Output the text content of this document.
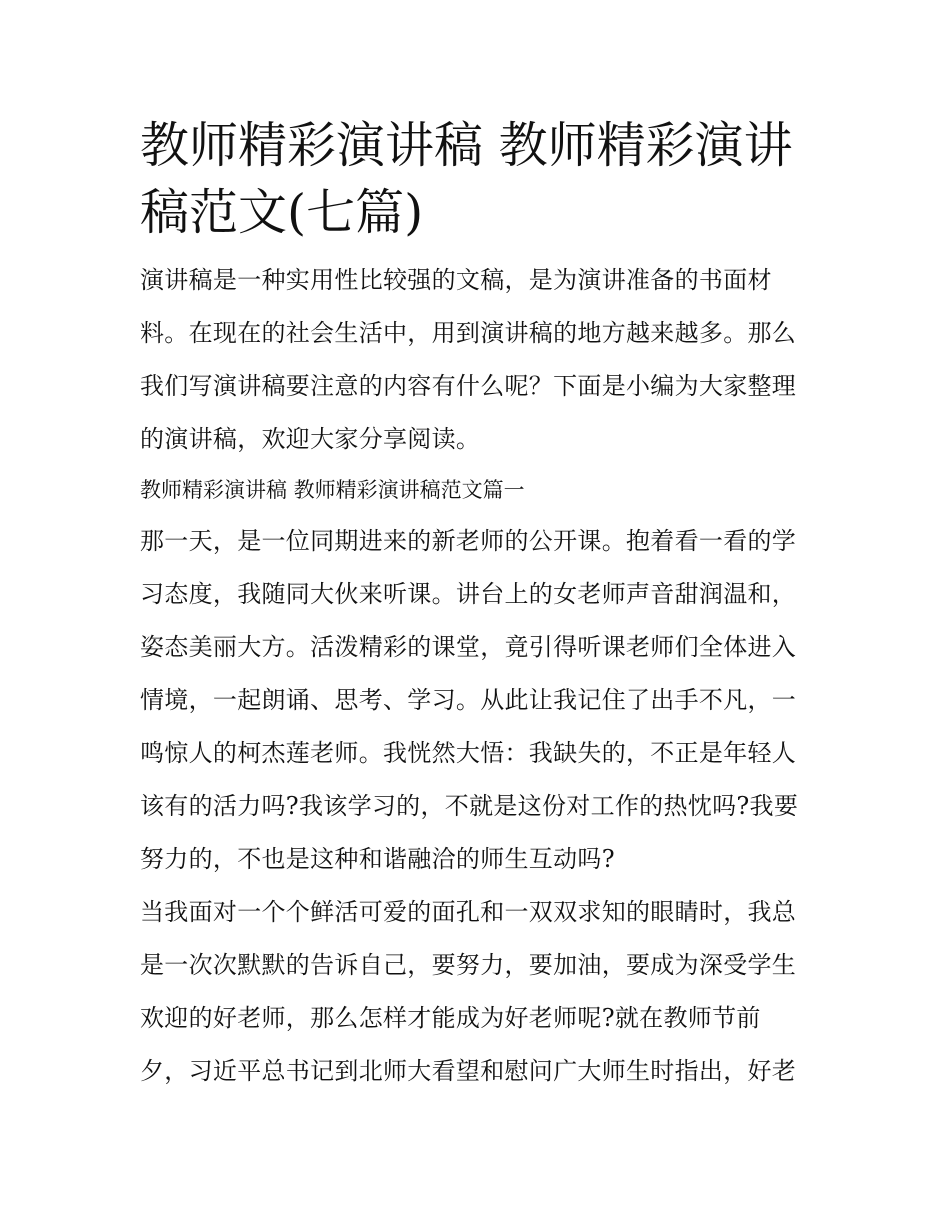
教师精彩演讲稿 教师精彩演讲
稿范文(七篇)
演讲稿是一种实用性比较强的文稿，是为演讲准备的书面材
料。在现在的社会生活中，用到演讲稿的地方越来越多。那么
我们写演讲稿要注意的内容有什么呢？下面是小编为大家整理
的演讲稿，欢迎大家分享阅读。
教师精彩演讲稿 教师精彩演讲稿范文篇一
那一天，是一位同期进来的新老师的公开课。抱着看一看的学
习态度，我随同大伙来听课。讲台上的女老师声音甜润温和，
姿态美丽大方。活泼精彩的课堂，竟引得听课老师们全体进入
情境，一起朗诵、思考、学习。从此让我记住了出手不凡，一
鸣惊人的柯杰莲老师。我恍然大悟：我缺失的，不正是年轻人
该有的活力吗?我该学习的，不就是这份对工作的热忱吗?我要
努力的，不也是这种和谐融洽的师生互动吗?
当我面对一个个鲜活可爱的面孔和一双双求知的眼睛时，我总
是一次次默默的告诉自己，要努力，要加油，要成为深受学生
欢迎的好老师，那么怎样才能成为好老师呢?就在教师节前
夕，习近平总书记到北师大看望和慰问广大师生时指出，好老
